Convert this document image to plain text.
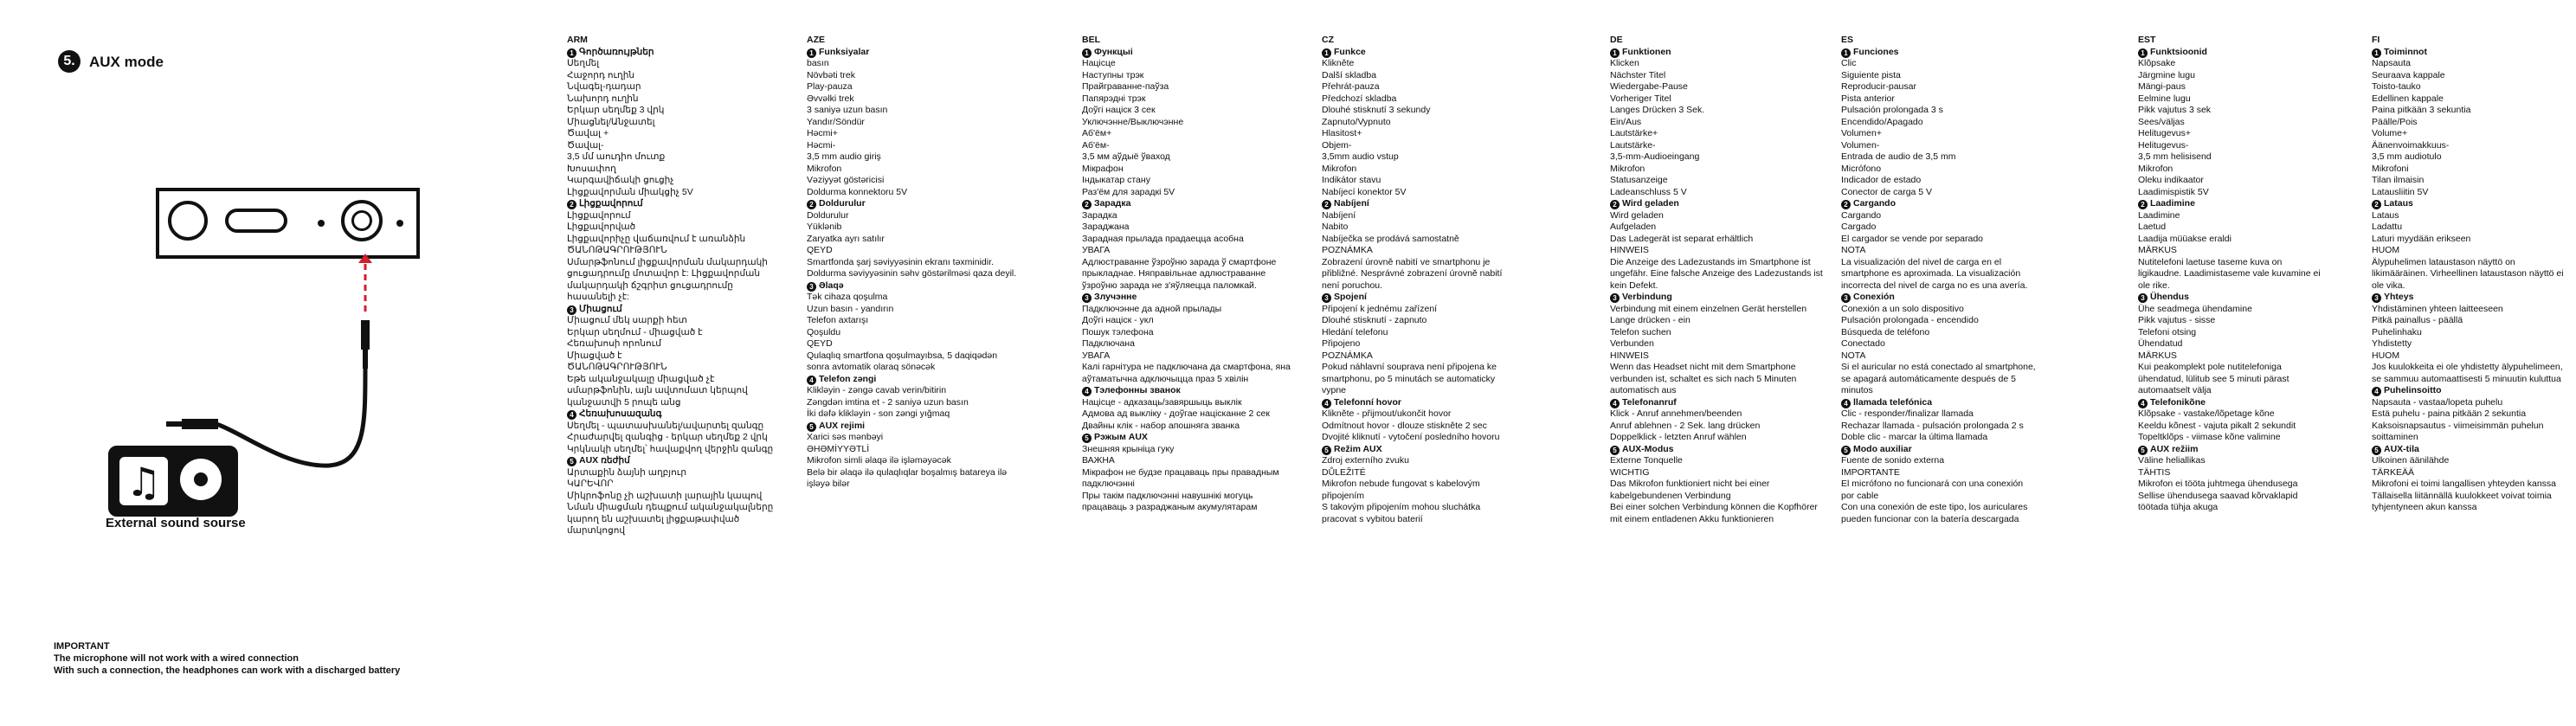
5. AUX mode
♫
External sound sourse
IMPORTANT
The microphone will not work with a wired connection
With such a connection, the headphones can work with a discharged battery
ARM
1 Գործառույթներ
Սեղմել
Հաջորդ ուղին
Նվագել-դադար
Նախորդ ուղին
Երկար սեղմեք 3 վրկ
Միացնել/Անջատել
Ծավալ +
Ծավալ-
3,5 մմ աուդիո մուտք
Խոսափող
Կարգավիճակի ցուցիչ
Լիցքավորման միակցիչ 5V
2 Լիցքավորում
Լիցքավորում
Լիցքավորված
Լիցքավորիչը վաճառվում է առանձին
ԾԱՆՈԹԱԳՐՈՒԹՅՈՒՆ
Սմարթֆոնում լիցքավորման մակարդակի
ցուցադրումը մոտավոր է: Լիցքավորման
մակարդակի ճշգրիտ ցուցադրումը
հասանելի չէ:
3 Միացում
Միացում մեկ սարքի հետ
Երկար սեղմում - միացված է
Հեռախոսի որոնում
Միացված է
ԾԱՆՈԹԱԳՐՈՒԹՅՈՒՆ
Եթե ականջակալը միացված չէ
սմարթֆոնին, այն ավտոմատ կերպով
կանջատվի 5 րոպե անց
4 Հեռախոսազանգ
Սեղմել - պատասխանել/ավարտել զանգը
Հրաժարվել զանգից - երկար սեղմեք 2 վրկ
Կրկնակի սեղմել՝ հավաքվող վերջին զանգը
5 AUX ռեժիմ
Արտաքին ձայնի աղբյուր
ԿԱՐԵՎՈՐ
Միկրոֆոնը չի աշխատի լարային կապով
Նման միացման դեպքում ականջակալները
կարող են աշխատել լիցքաթափված
մարտկոցով
AZE
1 Funksiyalar
basın
Növbəti trek
Play-pauza
Əvvəlki trek
3 saniyə uzun basın
Yandır/Söndür
Həcmi+
Həcmi-
3,5 mm audio giriş
Mikrofon
Vəziyyət göstəricisi
Doldurma konnektoru 5V
2 Doldurulur
Doldurulur
Yüklənib
Zaryatka ayrı satılır
QEYD
Smartfonda şarj səviyyəsinin ekranı təxminidir.
Doldurma səviyyəsinin səhv göstərilməsi qaza deyil.
3 Əlaqə
Tək cihaza qoşulma
Uzun basın - yandırın
Telefon axtarışı
Qoşuldu
QEYD
Qulaqlıq smartfona qoşulmayıbsa, 5 daqiqədən
sonra avtomatik olaraq sönəcək
4 Telefon zəngi
Klikləyin - zəngə cavab verin/bitirin
Zəngdən imtina et - 2 saniyə uzun basın
İki dəfə klikləyin - son zəngi yığmaq
5 AUX rejimi
Xarici səs mənbəyi
ƏHƏMİYYƏTLİ
Mikrofon simli əlaqə ilə işləməyəcək
Belə bir əlaqə ilə qulaqlıqlar boşalmış batareya ilə
işləyə bilər
BEL
1 Функцыі
Націсце
Наступны трэк
Прайграванне-паўза
Папярэдні трэк
Доўгі націск 3 сек
Уключэнне/Выключэнне
Аб'ём+
Аб'ём-
3,5 мм аўдыё ўваход
Мікрафон
Індыкатар стану
Раз'ём для зарадкі 5V
2 Зарадка
Зарадка
Зараджана
Зарадная прылада прадаецца асобна
УВАГА
Адлюстраванне ўзроўню зарада ў смартфоне
прыкладнае. Няправільнае адлюстраванне
ўзроўню зарада не з'яўляецца паломкай.
3 Злучэнне
Падключэнне да адной прылады
Доўгі націск - укл
Пошук тэлефона
Падключана
УВАГА
Калі гарнітура не падключана да смартфона, яна
аўтаматычна адключыцца праз 5 хвілін
4 Тэлефонны званок
Націсце - адказаць/завяршыць выклік
Адмова ад выкліку - доўгае націсканне 2 сек
Двайны клік - набор апошняга званка
5 Рэжым AUX
Знешняя крыніца гуку
ВАЖНА
Мікрафон не будзе працаваць пры правадным
падключэнні
Пры такім падключэнні навушнікі могуць
працаваць з разраджаным акумулятарам
CZ
1 Funkce
Klikněte
Další skladba
Přehrát-pauza
Předchozí skladba
Dlouhé stisknutí 3 sekundy
Zapnuto/Vypnuto
Hlasitost+
Objem-
3,5mm audio vstup
Mikrofon
Indikátor stavu
Nabíjecí konektor 5V
2 Nabíjení
Nabíjení
Nabito
Nabíječka se prodává samostatně
POZNÁMKA
Zobrazení úrovně nabití ve smartphonu je
přibližné. Nesprávné zobrazení úrovně nabití
není poruchou.
3 Spojení
Připojení k jednému zařízení
Dlouhé stisknutí - zapnuto
Hledání telefonu
Připojeno
POZNÁMKA
Pokud náhlavní souprava není připojena ke
smartphonu, po 5 minutách se automaticky
vypne
4 Telefonní hovor
Klikněte - přijmout/ukončit hovor
Odmítnout hovor - dlouze stiskněte 2 sec
Dvojité kliknutí - vytočení posledního hovoru
5 Režim AUX
Zdroj externího zvuku
DŮLEŽITÉ
Mikrofon nebude fungovat s kabelovým
připojením
S takovým připojením mohou sluchátka
pracovat s vybitou baterií
DE
1 Funktionen
Klicken
Nächster Titel
Wiedergabe-Pause
Vorheriger Titel
Langes Drücken 3 Sek.
Ein/Aus
Lautstärke+
Lautstärke-
3,5-mm-Audioeingang
Mikrofon
Statusanzeige
Ladeanschluss 5 V
2 Wird geladen
Wird geladen
Aufgeladen
Das Ladegerät ist separat erhältlich
HINWEIS
Die Anzeige des Ladezustands im Smartphone ist
ungefähr. Eine falsche Anzeige des Ladezustands ist
kein Defekt.
3 Verbindung
Verbindung mit einem einzelnen Gerät herstellen
Lange drücken - ein
Telefon suchen
Verbunden
HINWEIS
Wenn das Headset nicht mit dem Smartphone
verbunden ist, schaltet es sich nach 5 Minuten
automatisch aus
4 Telefonanruf
Klick - Anruf annehmen/beenden
Anruf ablehnen - 2 Sek. lang drücken
Doppelklick - letzten Anruf wählen
5 AUX-Modus
Externe Tonquelle
WICHTIG
Das Mikrofon funktioniert nicht bei einer
kabelgebundenen Verbindung
Bei einer solchen Verbindung können die Kopfhörer
mit einem entladenen Akku funktionieren
ES
1 Funciones
Clic
Siguiente pista
Reproducir-pausar
Pista anterior
Pulsación prolongada 3 s
Encendido/Apagado
Volumen+
Volumen-
Entrada de audio de 3,5 mm
Micrófono
Indicador de estado
Conector de carga 5 V
2 Cargando
Cargando
Cargado
El cargador se vende por separado
NOTA
La visualización del nivel de carga en el
smartphone es aproximada. La visualización
incorrecta del nivel de carga no es una avería.
3 Conexión
Conexión a un solo dispositivo
Pulsación prolongada - encendido
Búsqueda de teléfono
Conectado
NOTA
Si el auricular no está conectado al smartphone,
se apagará automáticamente después de 5
minutos
4 llamada telefónica
Clic - responder/finalizar llamada
Rechazar llamada - pulsación prolongada 2 s
Doble clic - marcar la última llamada
5 Modo auxiliar
Fuente de sonido externa
IMPORTANTE
El micrófono no funcionará con una conexión
por cable
Con una conexión de este tipo, los auriculares
pueden funcionar con la batería descargada
EST
1 Funktsioonid
Klõpsake
Järgmine lugu
Mängi-paus
Eelmine lugu
Pikk vajutus 3 sek
Sees/väljas
Helitugevus+
Helitugevus-
3,5 mm helisisend
Mikrofon
Oleku indikaator
Laadimispistik 5V
2 Laadimine
Laadimine
Laetud
Laadija müüakse eraldi
MÄRKUS
Nutitelefoni laetuse taseme kuva on
ligikaudne. Laadimistaseme vale kuvamine ei
ole rike.
3 Ühendus
Ühe seadmega ühendamine
Pikk vajutus - sisse
Telefoni otsing
Ühendatud
MÄRKUS
Kui peakomplekt pole nutitelefoniga
ühendatud, lülitub see 5 minuti pärast
automaatselt välja
4 Telefonikõne
Klõpsake - vastake/lõpetage kõne
Keeldu kõnest - vajuta pikalt 2 sekundit
Topeltklõps - viimase kõne valimine
5 AUX režiim
Väline heliallikas
TÄHTIS
Mikrofon ei tööta juhtmega ühendusega
Sellise ühendusega saavad kõrvaklapid
töötada tühja akuga
FI
1 Toiminnot
Napsauta
Seuraava kappale
Toisto-tauko
Edellinen kappale
Paina pitkään 3 sekuntia
Päälle/Pois
Volume+
Äänenvoimakkuus-
3,5 mm audiotulo
Mikrofoni
Tilan ilmaisin
Latausliitin 5V
2 Lataus
Lataus
Ladattu
Laturi myydään erikseen
HUOM
Älypuhelimen lataustason näyttö on
likimääräinen. Virheellinen lataustason näyttö ei
ole vika.
3 Yhteys
Yhdistäminen yhteen laitteeseen
Pitkä painallus - päällä
Puhelinhaku
Yhdistetty
HUOM
Jos kuulokkeita ei ole yhdistetty älypuhelimeen,
se sammuu automaattisesti 5 minuutin kuluttua
4 Puhelinsoitto
Napsauta - vastaa/lopeta puhelu
Estä puhelu - paina pitkään 2 sekuntia
Kaksoisnapsautus - viimeisimmän puhelun
soittaminen
5 AUX-tila
Ulkoinen äänilähde
TÄRKEÄÄ
Mikrofoni ei toimi langallisen yhteyden kanssa
Tällaisella liitännällä kuulokkeet voivat toimia
tyhjentyneen akun kanssa
